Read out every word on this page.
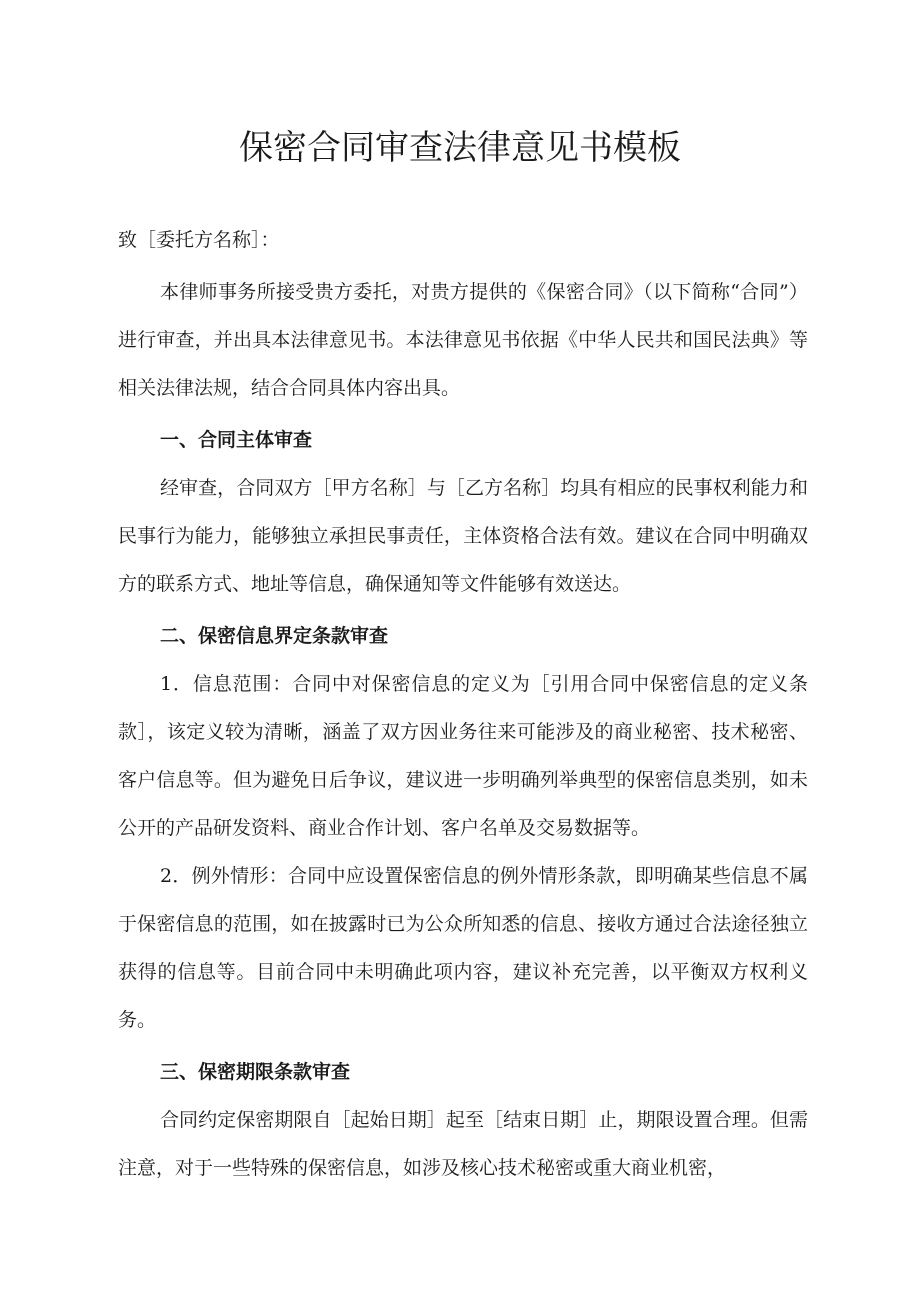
保密合同审查法律意见书模板

致［委托方名称］：

本律师事务所接受贵方委托，对贵方提供的《保密合同》（以下简称“合同”）进行审查，并出具本法律意见书。本法律意见书依据《中华人民共和国民法典》等相关法律法规，结合合同具体内容出具。

一、合同主体审查

经审查，合同双方［甲方名称］与［乙方名称］均具有相应的民事权利能力和民事行为能力，能够独立承担民事责任，主体资格合法有效。建议在合同中明确双方的联系方式、地址等信息，确保通知等文件能够有效送达。

二、保密信息界定条款审查

1．信息范围：合同中对保密信息的定义为［引用合同中保密信息的定义条款］，该定义较为清晰，涵盖了双方因业务往来可能涉及的商业秘密、技术秘密、客户信息等。但为避免日后争议，建议进一步明确列举典型的保密信息类别，如未公开的产品研发资料、商业合作计划、客户名单及交易数据等。

2．例外情形：合同中应设置保密信息的例外情形条款，即明确某些信息不属于保密信息的范围，如在披露时已为公众所知悉的信息、接收方通过合法途径独立获得的信息等。目前合同中未明确此项内容，建议补充完善，以平衡双方权利义务。

三、保密期限条款审查

合同约定保密期限自［起始日期］起至［结束日期］止，期限设置合理。但需注意，对于一些特殊的保密信息，如涉及核心技术秘密或重大商业机密，
